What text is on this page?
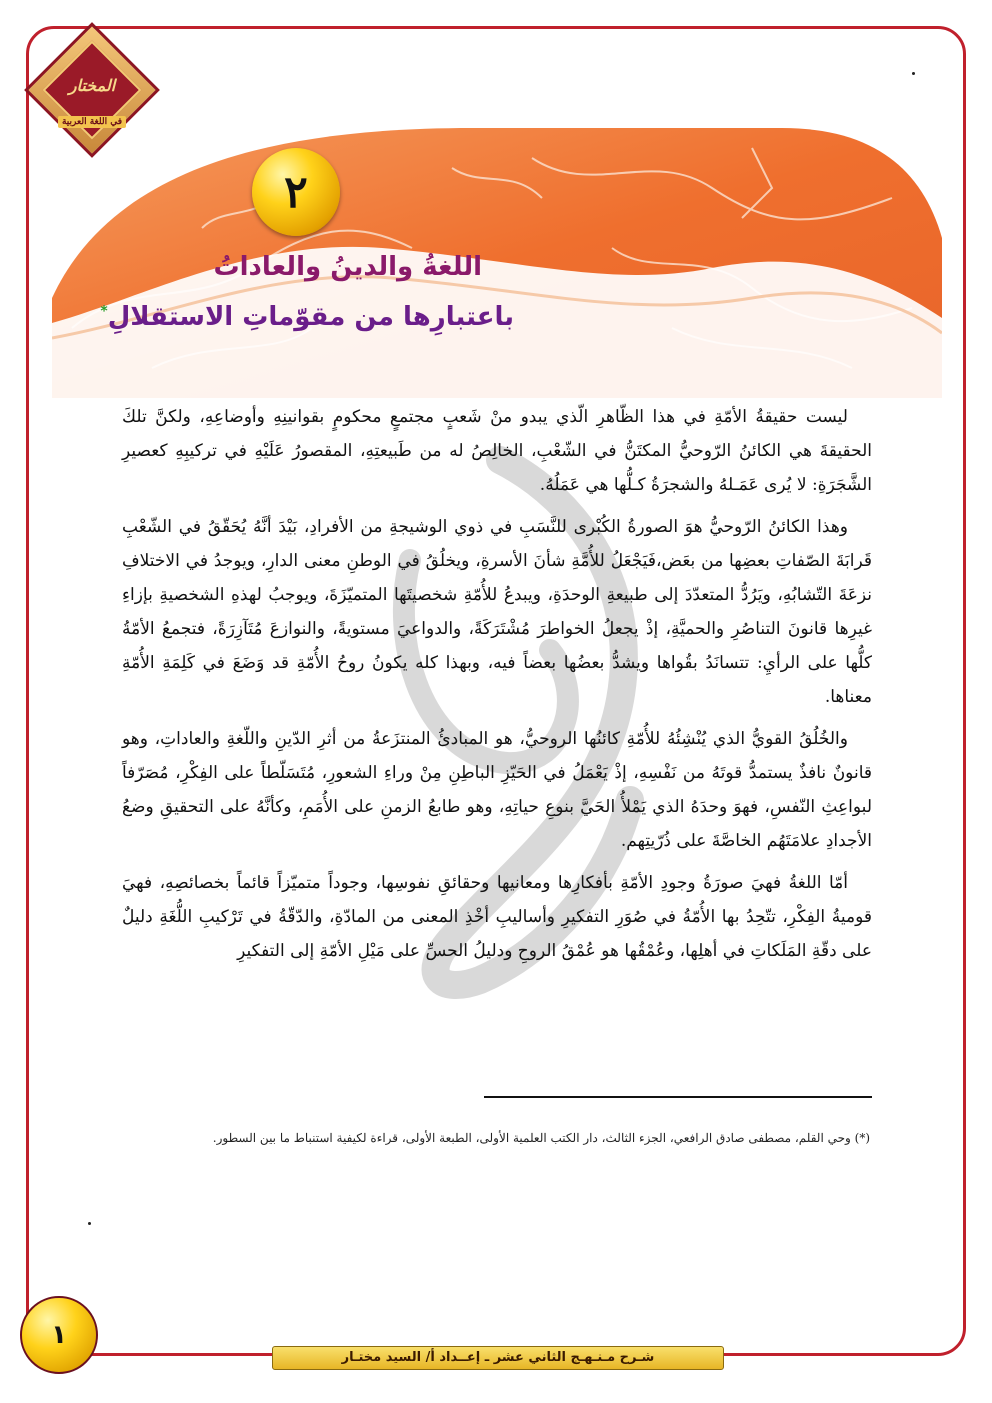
المختار
في اللغة العربية
٢
اللغةُ والدينُ والعاداتُ
باعتبارِها من مقوّماتِ الاستقلالِ*

ليست حقيقةُ الأمّةِ في هذا الظّاهرِ الّذي يبدو منْ شَعبٍ مجتمعٍ محكومٍ بقوانينِهِ وأوضاعِهِ، ولكنَّ تلكَ الحقيقةَ هي الكائنُ الرّوحيُّ المكتَنُّ في الشّعْبِ، الخالِصُ له من طَبيعتِهِ، المقصورُ عَلَيْهِ في تركيبِهِ كعصيرِ الشَّجَرَةِ: لا يُرى عَمَـلهُ والشجرَةُ كـلُّها هي عَمَلُهُ.

وهذا الكائنُ الرّوحيُّ هوَ الصورةُ الكُبْرى للنَّسَبِ في ذوي الوشيجةِ من الأفرادِ، بَيْدَ أنَّهُ يُحَقّقُ في الشّعْبِ قَرابَةَ الصّفاتِ بعضِها من بعَض،فَيَجْعَلُ للأُمَّةِ شأنَ الأسرةِ، ويخلُقُ في الوطنِ معنى الدارِ، ويوجدُ في الاختلافِ نزعَةَ التّشابُهِ، ويَرُدُّ المتعدّدَ إلى طبيعةِ الوحدَةِ، ويبدعُ للأُمّةِ شخصيتَها المتميّزَةَ، ويوجبُ لهذهِ الشخصيةِ بإزاءِ غيرِها قانونَ التناصُرِ والحميَّةِ، إذْ يجعلُ الخواطرَ مُشْتَرَكَةً، والدواعيَ مستويةً، والنوازعَ مُتَآزِرَةً، فتجمعُ الأمّةُ كلُّها على الرأيِ: تتسانَدُ بقُواها ويشدُّ بعضُها بعضاً فيه، وبهذا كله يكونُ روحُ الأُمّةِ قد وَضَعَ في كَلِمَةِ الأُمّةِ معناها.

والخُلُقُ القويُّ الذي يُنْشِئُهُ للأُمّةِ كائنُها الروحيُّ، هو المبادئُ المنتزَعةُ من أثرِ الدّينِ واللّغةِ والعاداتِ، وهو قانونٌ نافذٌ يستمدُّ قوتَهُ من نَفْسِهِ، إذْ يَعْمَلُ في الحَيّزِ الباطِنِ مِنْ وراءِ الشعورِ، مُتَسَلّطاً على الفِكْرِ، مُصَرّفاً لبواعِثِ النّفسِ، فهوَ وحدَهُ الذي يَمْلأُ الحَيَّ بنوعِ حياتِهِ، وهو طابعُ الزمنِ على الأُمَمِ، وكأنَّهُ على التحقيقِ وضعُ الأجدادِ علامَتَهُم الخاصَّةَ على ذُرّيتِهم.

أمّا اللغةُ فهيَ صورَةُ وجودِ الأمّةِ بأفكارِها ومعانيها وحقائقِ نفوسِها، وجوداً متميّزاً قائماً بخصائصِهِ، فهيَ قوميةُ الفِكْرِ، تتّحِدُ بها الأُمّةُ في صُوَرِ التفكيرِ وأساليبِ أخْذِ المعنى من المادّةِ، والدّقّةُ في تَرْكيبِ اللُّغَةِ دليلٌ على دقّةِ المَلَكاتِ في أهلِها، وعُمْقُها هو عُمْقُ الروحِ ودليلُ الحسِّ على مَيْلِ الأمّةِ إلى التفكيرِ

(*) وحي القلم، مصطفى صادق الرافعي، الجزء الثالث، دار الكتب العلمية الأولى، الطبعة الأولى، قراءة لكيفية استنباط ما بين السطور.
١
شـرح مـنـهـج الثاني عشر ـ إعــداد أ/ السيد مختـار
